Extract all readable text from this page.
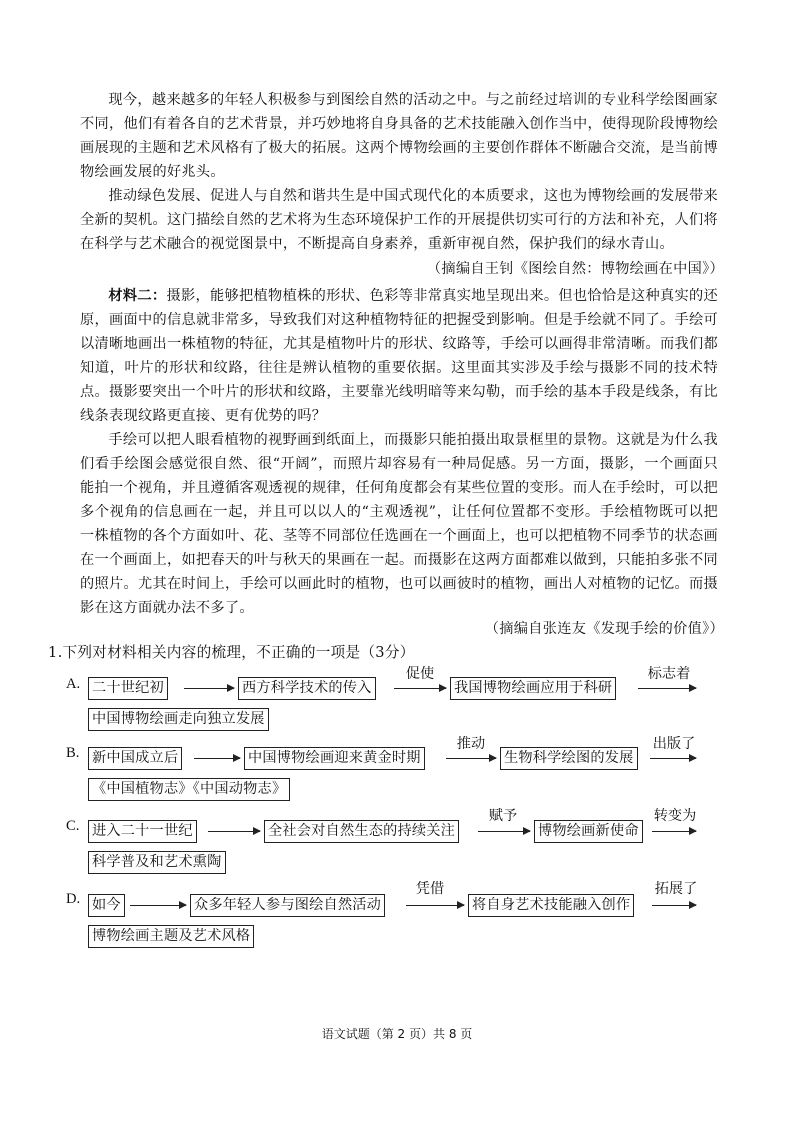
现今，越来越多的年轻人积极参与到图绘自然的活动之中。与之前经过培训的专业科学绘图画家不同，他们有着各自的艺术背景，并巧妙地将自身具备的艺术技能融入创作当中，使得现阶段博物绘画展现的主题和艺术风格有了极大的拓展。这两个博物绘画的主要创作群体不断融合交流，是当前博物绘画发展的好兆头。

推动绿色发展、促进人与自然和谐共生是中国式现代化的本质要求，这也为博物绘画的发展带来全新的契机。这门描绘自然的艺术将为生态环境保护工作的开展提供切实可行的方法和补充，人们将在科学与艺术融合的视觉图景中，不断提高自身素养，重新审视自然，保护我们的绿水青山。

（摘编自王钊《图绘自然：博物绘画在中国》）

材料二：摄影，能够把植物植株的形状、色彩等非常真实地呈现出来。但也恰恰是这种真实的还原，画面中的信息就非常多，导致我们对这种植物特征的把握受到影响。但是手绘就不同了。手绘可以清晰地画出一株植物的特征，尤其是植物叶片的形状、纹路等，手绘可以画得非常清晰。而我们都知道，叶片的形状和纹路，往往是辨认植物的重要依据。这里面其实涉及手绘与摄影不同的技术特点。摄影要突出一个叶片的形状和纹路，主要靠光线明暗等来勾勒，而手绘的基本手段是线条，有比线条表现纹路更直接、更有优势的吗？

手绘可以把人眼看植物的视野画到纸面上，而摄影只能拍摄出取景框里的景物。这就是为什么我们看手绘图会感觉很自然、很“开阔”，而照片却容易有一种局促感。另一方面，摄影，一个画面只能拍一个视角，并且遵循客观透视的规律，任何角度都会有某些位置的变形。而人在手绘时，可以把多个视角的信息画在一起，并且可以以人的“主观透视”，让任何位置都不变形。手绘植物既可以把一株植物的各个方面如叶、花、茎等不同部位任选画在一个画面上，也可以把植物不同季节的状态画在一个画面上，如把春天的叶与秋天的果画在一起。而摄影在这两方面都难以做到，只能拍多张不同的照片。尤其在时间上，手绘可以画此时的植物，也可以画彼时的植物，画出人对植物的记忆。而摄影在这方面就办法不多了。

（摘编自张连友《发现手绘的价值》）

1.下列对材料相关内容的梳理，不正确的一项是（3分）

A. 二十世纪初	西方科学技术的传入
促使
我国博物绘画应用于科研
标志着
中国博物绘画走向独立发展
B. 新中国成立后	中国博物绘画迎来黄金时期
推动
生物科学绘图的发展
出版了
《中国植物志》《中国动物志》
C. 进入二十一世纪	全社会对自然生态的持续关注
赋予
博物绘画新使命
转变为
科学普及和艺术熏陶
D. 如今	众多年轻人参与图绘自然活动
凭借
将自身艺术技能融入创作
拓展了
博物绘画主题及艺术风格
语文试题（第 2 页）共 8 页
